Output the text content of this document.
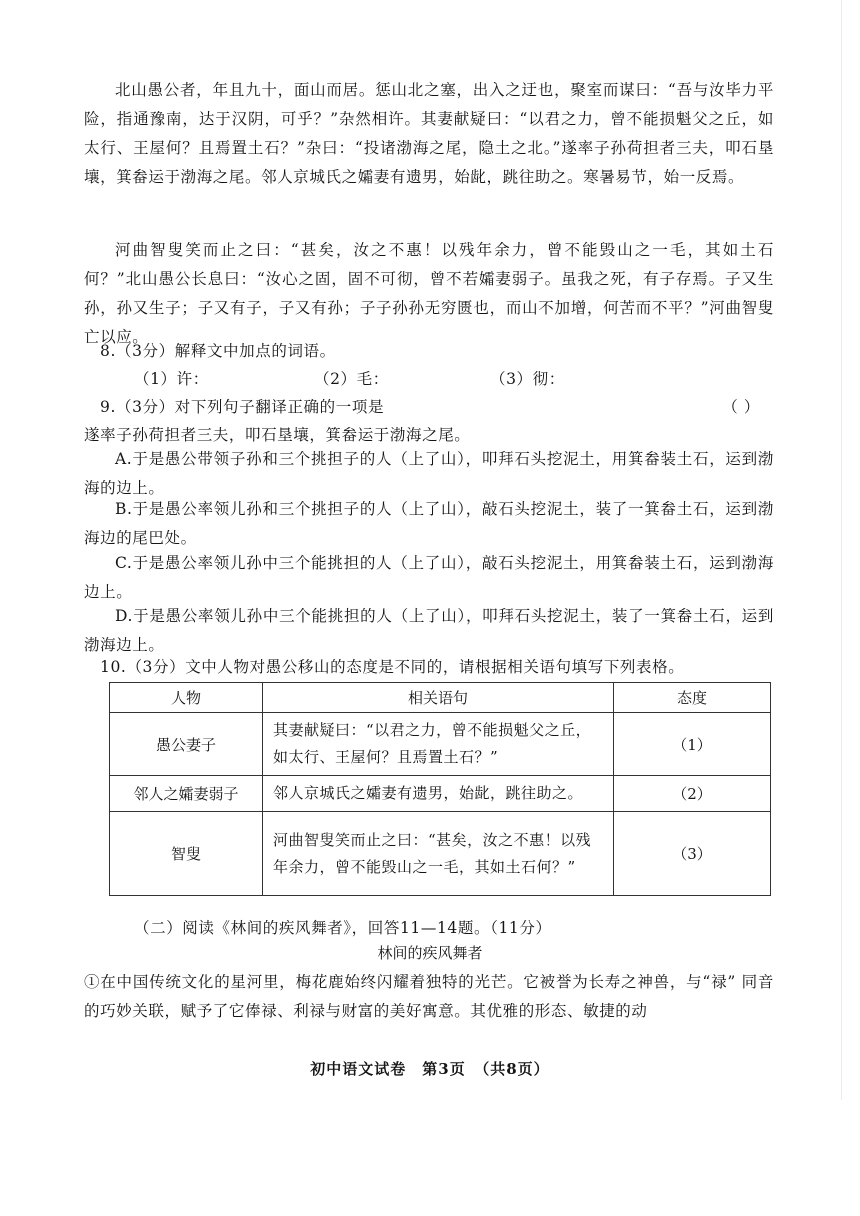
北山愚公者，年且九十，面山而居。惩山北之塞，出入之迂也，聚室而谋曰：“吾与汝毕力平险，指通豫南，达于汉阴，可乎？”杂然相许。其妻献疑曰：“以君之力，曾不能损魁父之丘，如太行、王屋何？且焉置土石？”杂曰：“投诸渤海之尾，隐土之北。”遂率子孙荷担者三夫，叩石垦壤，箕畚运于渤海之尾。邻人京城氏之孀妻有遗男，始龀，跳往助之。寒暑易节，始一反焉。

河曲智叟笑而止之曰：“甚矣，汝之不惠！以残年余力，曾不能毁山之一毛，其如土石何？”北山愚公长息曰：“汝心之固，固不可彻，曾不若孀妻弱子。虽我之死，有子存焉。子又生孙，孙又生子；子又有子，子又有孙；子子孙孙无穷匮也，而山不加增，何苦而不平？”河曲智叟亡以应。

8.（3分）解释文中加点的词语。

（1）许：	（2）毛：	（3）彻：

9.（3分）对下列句子翻译正确的一项是	（ ）

遂率子孙荷担者三夫，叩石垦壤，箕畚运于渤海之尾。

A.于是愚公带领子孙和三个挑担子的人（上了山），叩拜石头挖泥土，用箕畚装土石，运到渤海的边上。

B.于是愚公率领儿孙和三个挑担子的人（上了山），敲石头挖泥土，装了一箕畚土石，运到渤海边的尾巴处。

C.于是愚公率领儿孙中三个能挑担的人（上了山），敲石头挖泥土，用箕畚装土石，运到渤海边上。

D.于是愚公率领儿孙中三个能挑担的人（上了山），叩拜石头挖泥土，装了一箕畚土石，运到渤海边上。

10.（3分）文中人物对愚公移山的态度是不同的，请根据相关语句填写下列表格。

人物	相关语句	态度
愚公妻子	其妻献疑曰：“以君之力，曾不能损魁父之丘，如太行、王屋何？且焉置土石？”	（1）
邻人之孀妻弱子	邻人京城氏之孀妻有遗男，始龀，跳往助之。	（2）
智叟	河曲智叟笑而止之曰：“甚矣，汝之不惠！以残年余力，曾不能毁山之一毛，其如土石何？”	（3）

（二）阅读《林间的疾风舞者》，回答11—14题。（11分）

林间的疾风舞者

①在中国传统文化的星河里，梅花鹿始终闪耀着独特的光芒。它被誉为长寿之神兽，与“禄” 同音的巧妙关联，赋予了它俸禄、利禄与财富的美好寓意。其优雅的形态、敏捷的动

初中语文试卷　第3页　（共8页）
